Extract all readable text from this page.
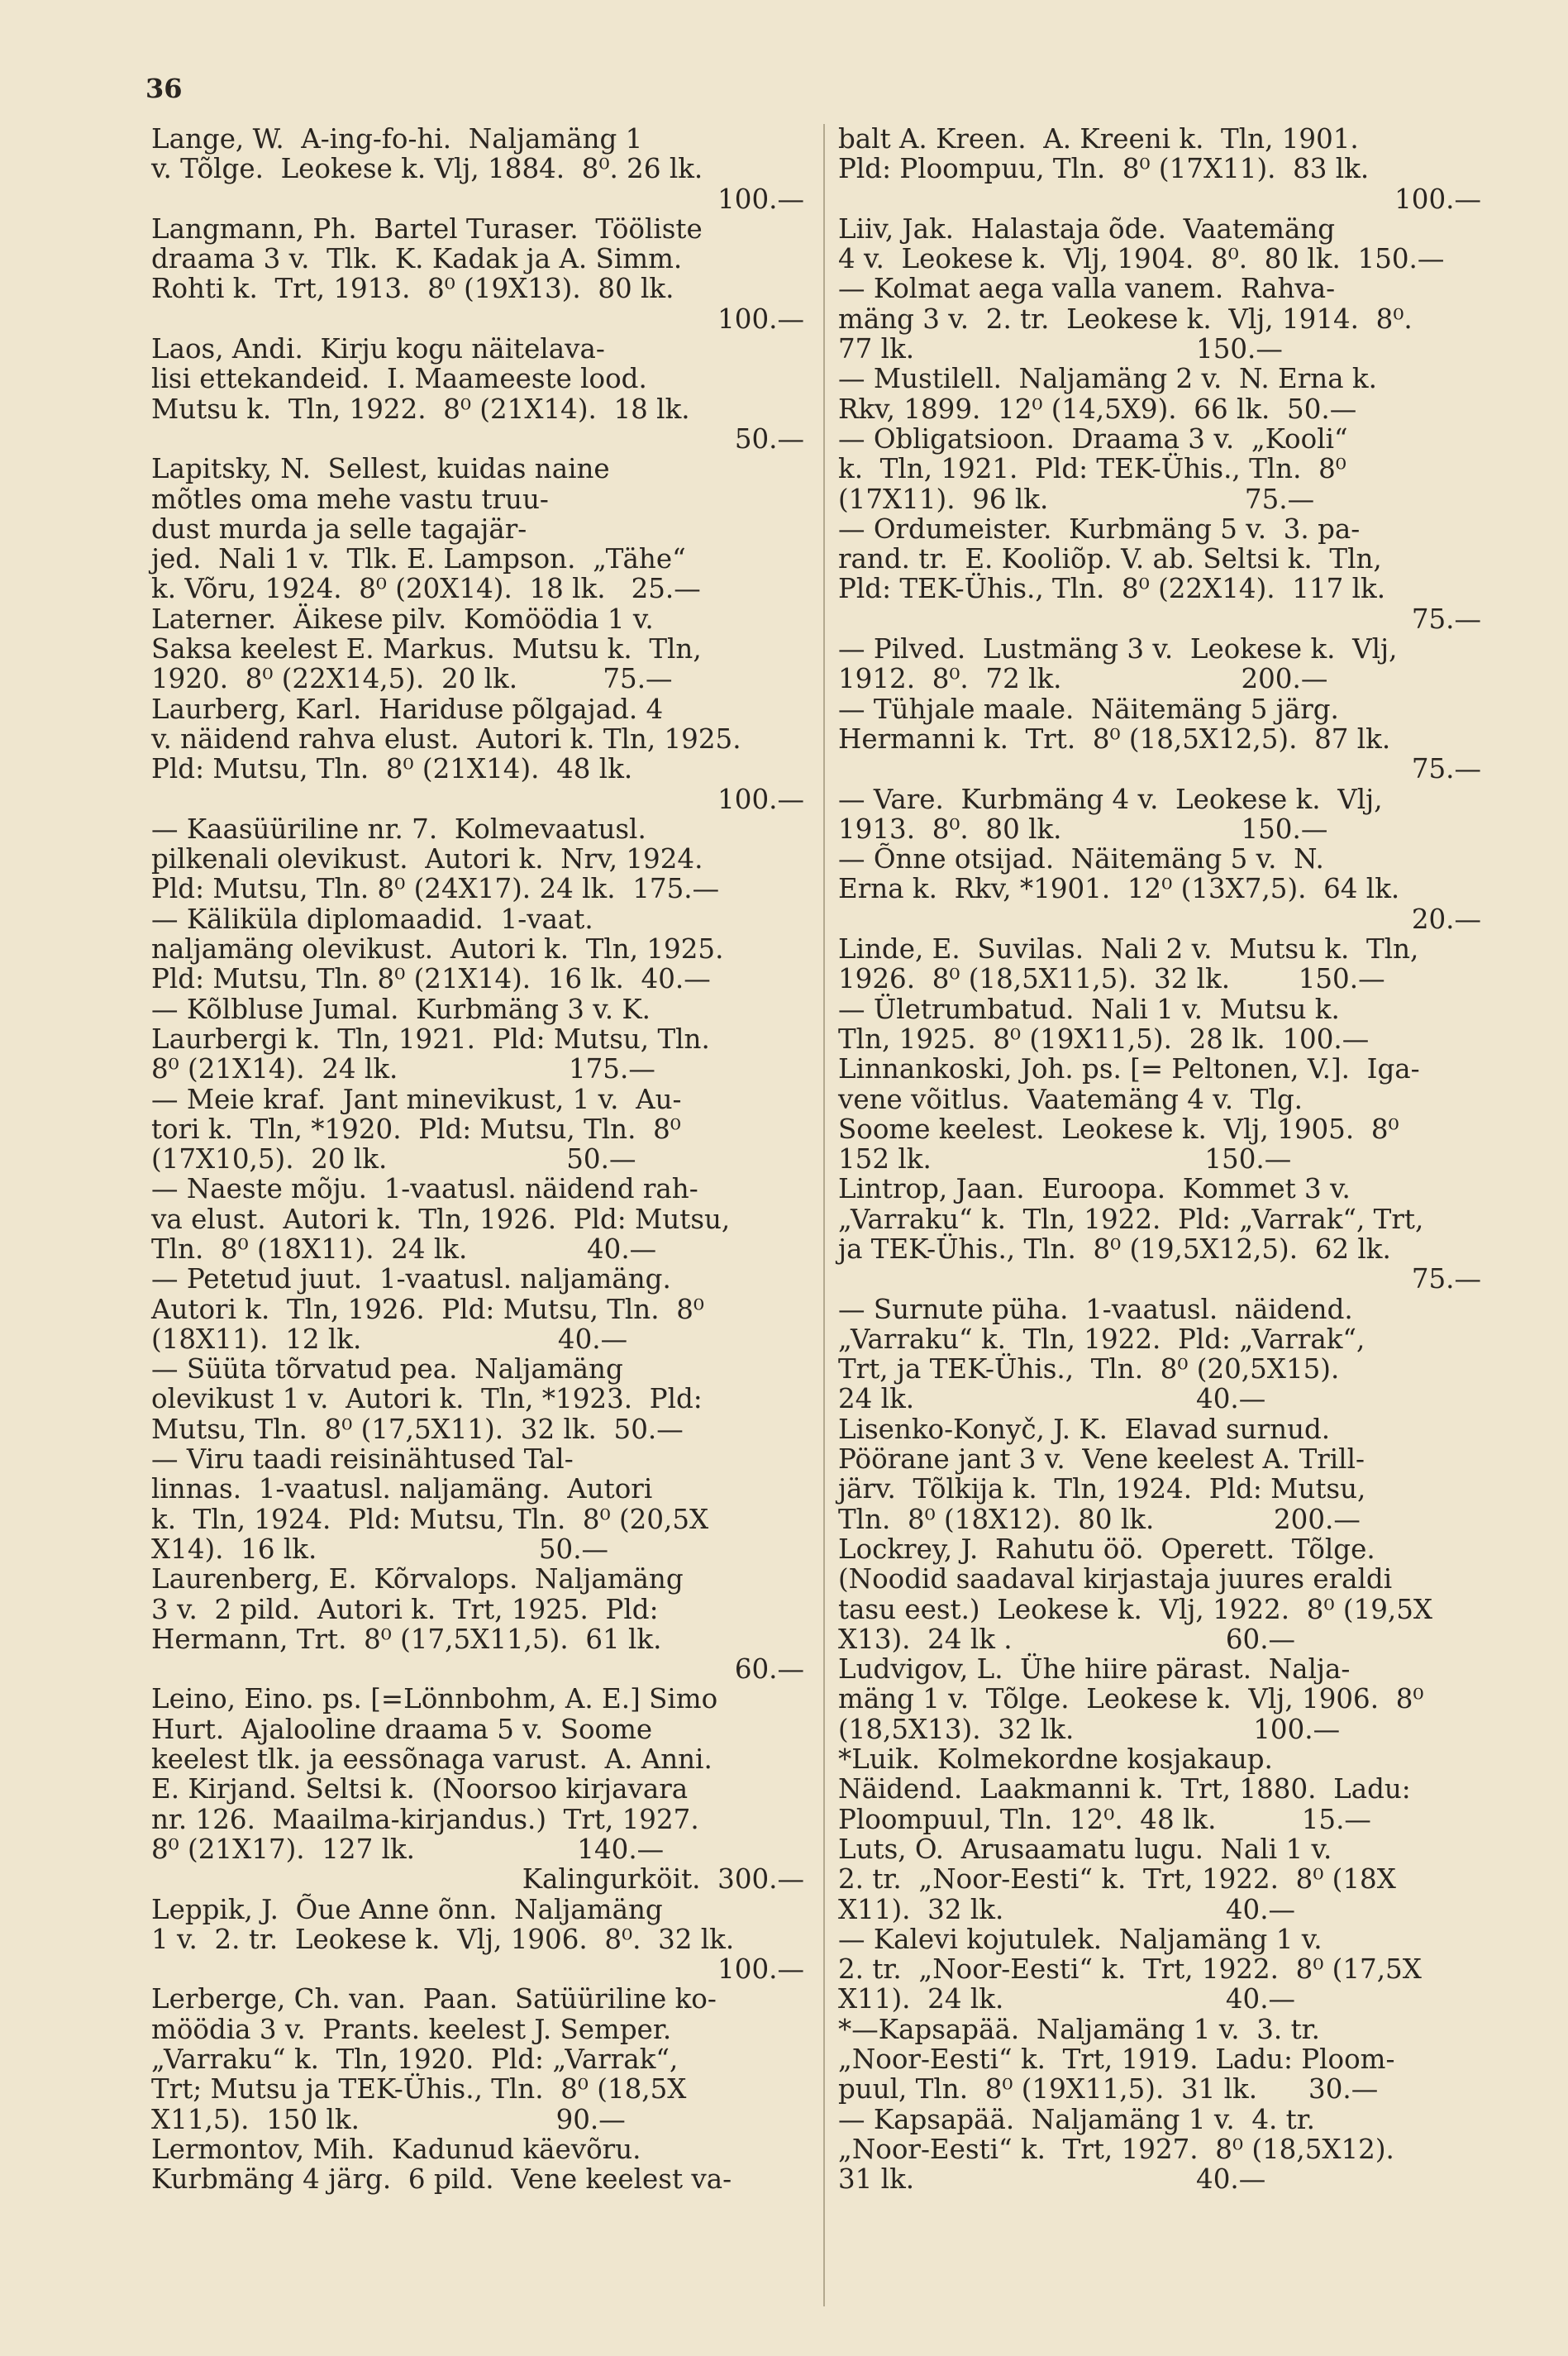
36
Lange, W.  A-ing-fo-hi.  Naljamäng 1
v. Tõlge.  Leokese k. Vlj, 1884.  8⁰. 26 lk.
100.—
Langmann, Ph.  Bartel Turaser.  Tööliste
draama 3 v.  Tlk.  K. Kadak ja A. Simm.
Rohti k.  Trt, 1913.  8⁰ (19X13).  80 lk.
100.—
Laos, Andi.  Kirju kogu näitelava-
lisi ettekandeid.  I. Maameeste lood.
Mutsu k.  Tln, 1922.  8⁰ (21X14).  18 lk.
50.—
Lapitsky, N.  Sellest, kuidas naine
mõtles oma mehe vastu truu-
dust murda ja selle tagajär-
jed.  Nali 1 v.  Tlk. E. Lampson.  „Tähe“
k. Võru, 1924.  8⁰ (20X14).  18 lk.   25.—
Laterner.  Äikese pilv.  Komöödia 1 v.
Saksa keelest E. Markus.  Mutsu k.  Tln,
1920.  8⁰ (22X14,5).  20 lk.          75.—
Laurberg, Karl.  Hariduse põlgajad. 4
v. näidend rahva elust.  Autori k. Tln, 1925.
Pld: Mutsu, Tln.  8⁰ (21X14).  48 lk.
100.—
— Kaasüüriline nr. 7.  Kolmevaatusl.
pilkenali olevikust.  Autori k.  Nrv, 1924.
Pld: Mutsu, Tln. 8⁰ (24X17). 24 lk.  175.—
— Käliküla diplomaadid.  1-vaat.
naljamäng olevikust.  Autori k.  Tln, 1925.
Pld: Mutsu, Tln. 8⁰ (21X14).  16 lk.  40.—
— Kõlbluse Jumal.  Kurbmäng 3 v. K.
Laurbergi k.  Tln, 1921.  Pld: Mutsu, Tln.
8⁰ (21X14).  24 lk.                    175.—
— Meie kraf.  Jant minevikust, 1 v.  Au-
tori k.  Tln, *1920.  Pld: Mutsu, Tln.  8⁰
(17X10,5).  20 lk.                     50.—
— Naeste mõju.  1-vaatusl. näidend rah-
va elust.  Autori k.  Tln, 1926.  Pld: Mutsu,
Tln.  8⁰ (18X11).  24 lk.              40.—
— Petetud juut.  1-vaatusl. naljamäng.
Autori k.  Tln, 1926.  Pld: Mutsu, Tln.  8⁰
(18X11).  12 lk.                       40.—
— Süüta tõrvatud pea.  Naljamäng
olevikust 1 v.  Autori k.  Tln, *1923.  Pld:
Mutsu, Tln.  8⁰ (17,5X11).  32 lk.  50.—
— Viru taadi reisinähtused Tal-
linnas.  1-vaatusl. naljamäng.  Autori
k.  Tln, 1924.  Pld: Mutsu, Tln.  8⁰ (20,5X
X14).  16 lk.                          50.—
Laurenberg, E.  Kõrvalops.  Naljamäng
3 v.  2 pild.  Autori k.  Trt, 1925.  Pld:
Hermann, Trt.  8⁰ (17,5X11,5).  61 lk.
60.—
Leino, Eino. ps. [=Lönnbohm, A. E.] Simo
Hurt.  Ajalooline draama 5 v.  Soome
keelest tlk. ja eessõnaga varust.  A. Anni.
E. Kirjand. Seltsi k.  (Noorsoo kirjavara
nr. 126.  Maailma-kirjandus.)  Trt, 1927.
8⁰ (21X17).  127 lk.                   140.—
Kalingurköit.  300.—
Leppik, J.  Õue Anne õnn.  Naljamäng
1 v.  2. tr.  Leokese k.  Vlj, 1906.  8⁰.  32 lk.
100.—
Lerberge, Ch. van.  Paan.  Satüüriline ko-
möödia 3 v.  Prants. keelest J. Semper.
„Varraku“ k.  Tln, 1920.  Pld: „Varrak“,
Trt; Mutsu ja TEK-Ühis., Tln.  8⁰ (18,5X
X11,5).  150 lk.                       90.—
Lermontov, Mih.  Kadunud käevõru.
Kurbmäng 4 järg.  6 pild.  Vene keelest va-
balt A. Kreen.  A. Kreeni k.  Tln, 1901.
Pld: Ploompuu, Tln.  8⁰ (17X11).  83 lk.
100.—
Liiv, Jak.  Halastaja õde.  Vaatemäng
4 v.  Leokese k.  Vlj, 1904.  8⁰.  80 lk.  150.—
— Kolmat aega valla vanem.  Rahva-
mäng 3 v.  2. tr.  Leokese k.  Vlj, 1914.  8⁰.
77 lk.                                 150.—
— Mustilell.  Naljamäng 2 v.  N. Erna k.
Rkv, 1899.  12⁰ (14,5X9).  66 lk.  50.—
— Obligatsioon.  Draama 3 v.  „Kooli“
k.  Tln, 1921.  Pld: TEK-Ühis., Tln.  8⁰
(17X11).  96 lk.                       75.—
— Ordumeister.  Kurbmäng 5 v.  3. pa-
rand. tr.  E. Kooliõp. V. ab. Seltsi k.  Tln,
Pld: TEK-Ühis., Tln.  8⁰ (22X14).  117 lk.
75.—
— Pilved.  Lustmäng 3 v.  Leokese k.  Vlj,
1912.  8⁰.  72 lk.                     200.—
— Tühjale maale.  Näitemäng 5 järg.
Hermanni k.  Trt.  8⁰ (18,5X12,5).  87 lk.
75.—
— Vare.  Kurbmäng 4 v.  Leokese k.  Vlj,
1913.  8⁰.  80 lk.                     150.—
— Õnne otsijad.  Näitemäng 5 v.  N.
Erna k.  Rkv, *1901.  12⁰ (13X7,5).  64 lk.
20.—
Linde, E.  Suvilas.  Nali 2 v.  Mutsu k.  Tln,
1926.  8⁰ (18,5X11,5).  32 lk.        150.—
— Ületrumbatud.  Nali 1 v.  Mutsu k.
Tln, 1925.  8⁰ (19X11,5).  28 lk.  100.—
Linnankoski, Joh. ps. [= Peltonen, V.].  Iga-
vene võitlus.  Vaatemäng 4 v.  Tlg.
Soome keelest.  Leokese k.  Vlj, 1905.  8⁰
152 lk.                                150.—
Lintrop, Jaan.  Euroopa.  Kommet 3 v.
„Varraku“ k.  Tln, 1922.  Pld: „Varrak“, Trt,
ja TEK-Ühis., Tln.  8⁰ (19,5X12,5).  62 lk.
75.—
— Surnute püha.  1-vaatusl.  näidend.
„Varraku“ k.  Tln, 1922.  Pld: „Varrak“,
Trt, ja TEK-Ühis.,  Tln.  8⁰ (20,5X15).
24 lk.                                 40.—
Lisenko-Konyč, J. K.  Elavad surnud.
Pöörane jant 3 v.  Vene keelest A. Trill-
järv.  Tõlkija k.  Tln, 1924.  Pld: Mutsu,
Tln.  8⁰ (18X12).  80 lk.              200.—
Lockrey, J.  Rahutu öö.  Operett.  Tõlge.
(Noodid saadaval kirjastaja juures eraldi
tasu eest.)  Leokese k.  Vlj, 1922.  8⁰ (19,5X
X13).  24 lk .                         60.—
Ludvigov, L.  Ühe hiire pärast.  Nalja-
mäng 1 v.  Tõlge.  Leokese k.  Vlj, 1906.  8⁰
(18,5X13).  32 lk.                     100.—
*Luik.  Kolmekordne kosjakaup.
Näidend.  Laakmanni k.  Trt, 1880.  Ladu:
Ploompuul, Tln.  12⁰.  48 lk.          15.—
Luts, O.  Arusaamatu lugu.  Nali 1 v.
2. tr.  „Noor-Eesti“ k.  Trt, 1922.  8⁰ (18X
X11).  32 lk.                          40.—
— Kalevi kojutulek.  Naljamäng 1 v.
2. tr.  „Noor-Eesti“ k.  Trt, 1922.  8⁰ (17,5X
X11).  24 lk.                          40.—
*—Kapsapää.  Naljamäng 1 v.  3. tr.
„Noor-Eesti“ k.  Trt, 1919.  Ladu: Ploom-
puul, Tln.  8⁰ (19X11,5).  31 lk.      30.—
— Kapsapää.  Naljamäng 1 v.  4. tr.
„Noor-Eesti“ k.  Trt, 1927.  8⁰ (18,5X12).
31 lk.                                 40.—
